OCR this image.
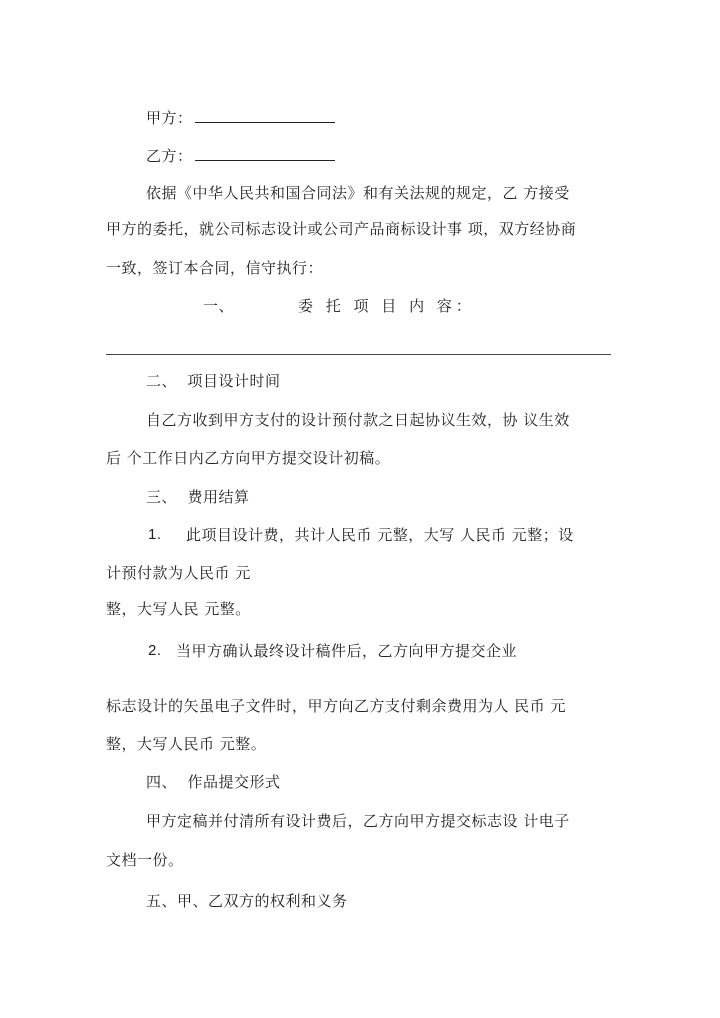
甲方：
乙方：
依据《中华人民共和国合同法》和有关法规的规定，乙 方接受
甲方的委托，就公司标志设计或公司产品商标设计事 项，双方经协商
一致，签订本合同，信守执行：
一、	委 托 项 目 内 容：
二、  项目设计时间
自乙方收到甲方支付的设计预付款之日起协议生效，协 议生效
后 个工作日内乙方向甲方提交设计初稿。
三、  费用结算
1. 此项目设计费，共计人民币 元整，大写 人民币 元整；设
计预付款为人民币 元
整，大写人民 元整。
2. 当甲方确认最终设计稿件后，乙方向甲方提交企业
标志设计的矢虽电子文件时，甲方向乙方支付剩余费用为人 民币 元
整，大写人民币 元整。
四、  作品提交形式
甲方定稿并付清所有设计费后，乙方向甲方提交标志设 计电子
文档一份。
五、甲、乙双方的权利和义务
